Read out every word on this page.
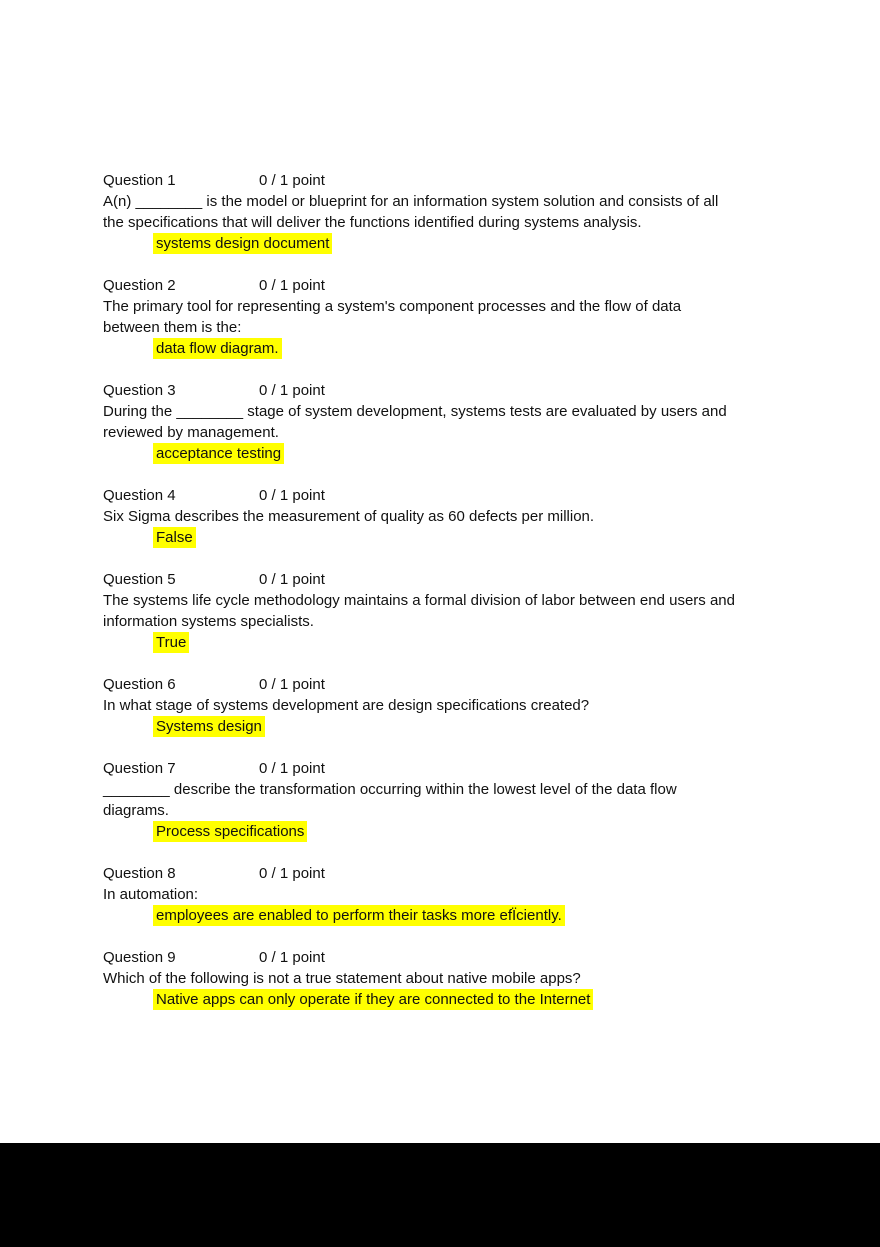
Question 1	0 / 1 point
A(n) ________ is the model or blueprint for an information system solution and consists of all
the specifications that will deliver the functions identified during systems analysis.
systems design document
Question 2	0 / 1 point
The primary tool for representing a system's component processes and the flow of data
between them is the:
data flow diagram.
Question 3	0 / 1 point
During the ________ stage of system development, systems tests are evaluated by users and
reviewed by management.
acceptance testing
Question 4	0 / 1 point
Six Sigma describes the measurement of quality as 60 defects per million.
False
Question 5	0 / 1 point
The systems life cycle methodology maintains a formal division of labor between end users and
information systems specialists.
True
Question 6	0 / 1 point
In what stage of systems development are design specifications created?
Systems design
Question 7	0 / 1 point
________ describe the transformation occurring within the lowest level of the data flow
diagrams.
Process specifications
Question 8	0 / 1 point
In automation:
employees are enabled to perform their tasks more efÏciently.
Question 9	0 / 1 point
Which of the following is not a true statement about native mobile apps?
Native apps can only operate if they are connected to the Internet
